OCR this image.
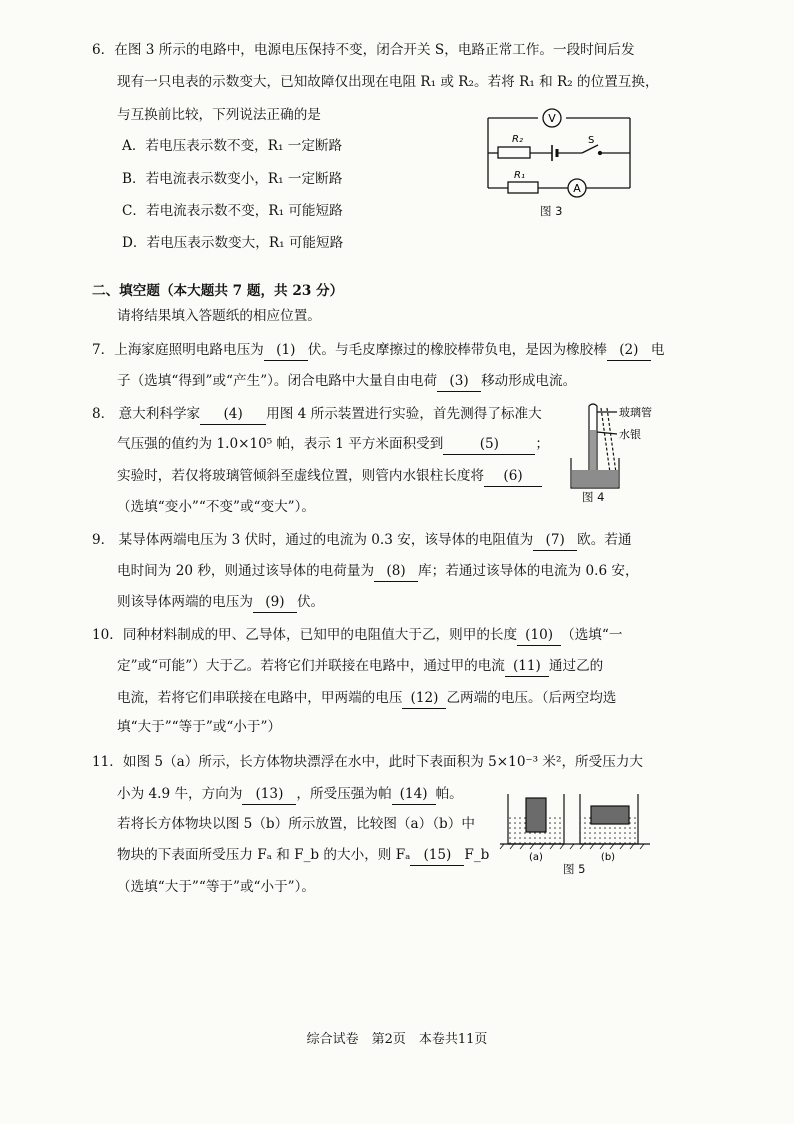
6．在图 3 所示的电路中，电源电压保持不变，闭合开关 S，电路正常工作。一段时间后发
现有一只电表的示数变大，已知故障仅出现在电阻 R₁ 或 R₂。若将 R₁ 和 R₂ 的位置互换，
与互换前比较，下列说法正确的是
A．若电压表示数不变，R₁ 一定断路
B．若电流表示数变小，R₁ 一定断路
C．若电流表示数不变，R₁ 可能短路
D．若电压表示数变大，R₁ 可能短路
V
A
R₂
R₁
S
图 3
二、填空题（本大题共 7 题，共 23 分）
请将结果填入答题纸的相应位置。
7．上海家庭照明电路电压为 (1) 伏。与毛皮摩擦过的橡胶棒带负电，是因为橡胶棒 (2) 电
子（选填“得到”或“产生”）。闭合电路中大量自由电荷 (3) 移动形成电流。
8． 意大利科学家 (4) 用图 4 所示装置进行实验，首先测得了标准大
气压强的值约为 1.0×10⁵ 帕，表示 1 平方米面积受到	(5)	；
实验时，若仅将玻璃管倾斜至虚线位置，则管内水银柱长度将 (6)
（选填“变小”“不变”或“变大”）。
玻璃管
水银
图 4
9． 某导体两端电压为 3 伏时，通过的电流为 0.3 安，该导体的电阻值为 (7) 欧。若通
电时间为 20 秒，则通过该导体的电荷量为 (8) 库；若通过该导体的电流为 0.6 安，
则该导体两端的电压为 (9) 伏。
10．同种材料制成的甲、乙导体，已知甲的电阻值大于乙，则甲的长度 (10) （选填“一
定”或“可能”）大于乙。若将它们并联接在电路中，通过甲的电流 (11) 通过乙的
电流，若将它们串联接在电路中，甲两端的电压 (12) 乙两端的电压。（后两空均选
填“大于”“等于”或“小于”）
11．如图 5（a）所示，长方体物块漂浮在水中，此时下表面积为 5×10⁻³ 米²，所受压力大
小为 4.9 牛，方向为 (13) ，所受压强为帕 (14) 帕。
若将长方体物块以图 5（b）所示放置，比较图（a）（b）中
物块的下表面所受压力 Fₐ 和 F_b 的大小，则 Fₐ (15) F_b
（选填“大于”“等于”或“小于”）。
(a)	(b)
图 5
综合试卷　第2页　本卷共11页
